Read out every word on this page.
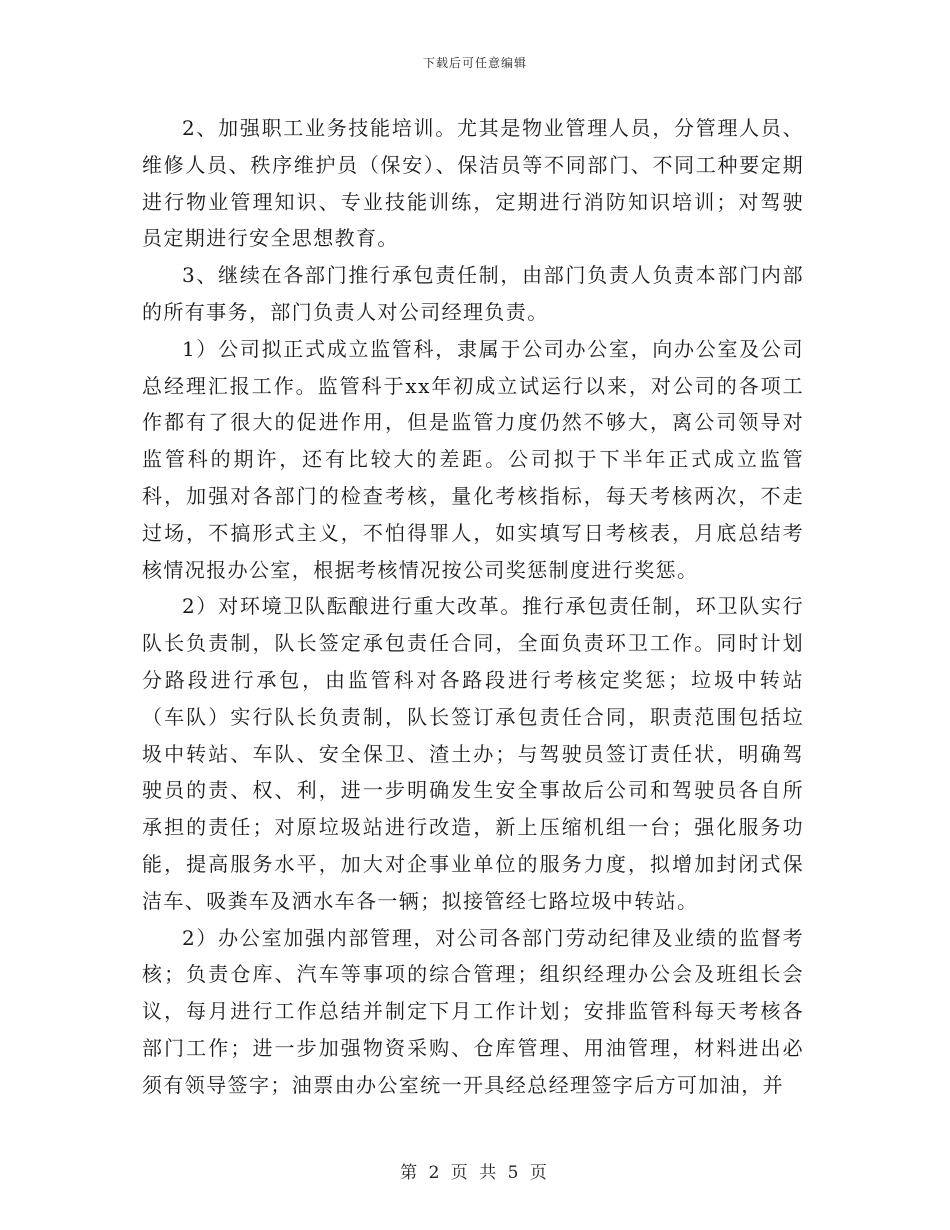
下载后可任意编辑

2、加强职工业务技能培训。尤其是物业管理人员，分管理人员、维修人员、秩序维护员（保安）、保洁员等不同部门、不同工种要定期进行物业管理知识、专业技能训练，定期进行消防知识培训；对驾驶员定期进行安全思想教育。

3、继续在各部门推行承包责任制，由部门负责人负责本部门内部的所有事务，部门负责人对公司经理负责。

1）公司拟正式成立监管科，隶属于公司办公室，向办公室及公司总经理汇报工作。监管科于xx年初成立试运行以来，对公司的各项工作都有了很大的促进作用，但是监管力度仍然不够大，离公司领导对监管科的期许，还有比较大的差距。公司拟于下半年正式成立监管科，加强对各部门的检查考核，量化考核指标，每天考核两次，不走过场，不搞形式主义，不怕得罪人，如实填写日考核表，月底总结考核情况报办公室，根据考核情况按公司奖惩制度进行奖惩。

2）对环境卫队酝酿进行重大改革。推行承包责任制，环卫队实行队长负责制，队长签定承包责任合同，全面负责环卫工作。同时计划分路段进行承包，由监管科对各路段进行考核定奖惩；垃圾中转站（车队）实行队长负责制，队长签订承包责任合同，职责范围包括垃圾中转站、车队、安全保卫、渣土办；与驾驶员签订责任状，明确驾驶员的责、权、利，进一步明确发生安全事故后公司和驾驶员各自所承担的责任；对原垃圾站进行改造，新上压缩机组一台；强化服务功能，提高服务水平，加大对企事业单位的服务力度，拟增加封闭式保洁车、吸粪车及洒水车各一辆；拟接管经七路垃圾中转站。

2）办公室加强内部管理，对公司各部门劳动纪律及业绩的监督考核；负责仓库、汽车等事项的综合管理；组织经理办公会及班组长会议，每月进行工作总结并制定下月工作计划；安排监管科每天考核各部门工作；进一步加强物资采购、仓库管理、用油管理，材料进出必须有领导签字；油票由办公室统一开具经总经理签字后方可加油，并

第 2 页 共 5 页
